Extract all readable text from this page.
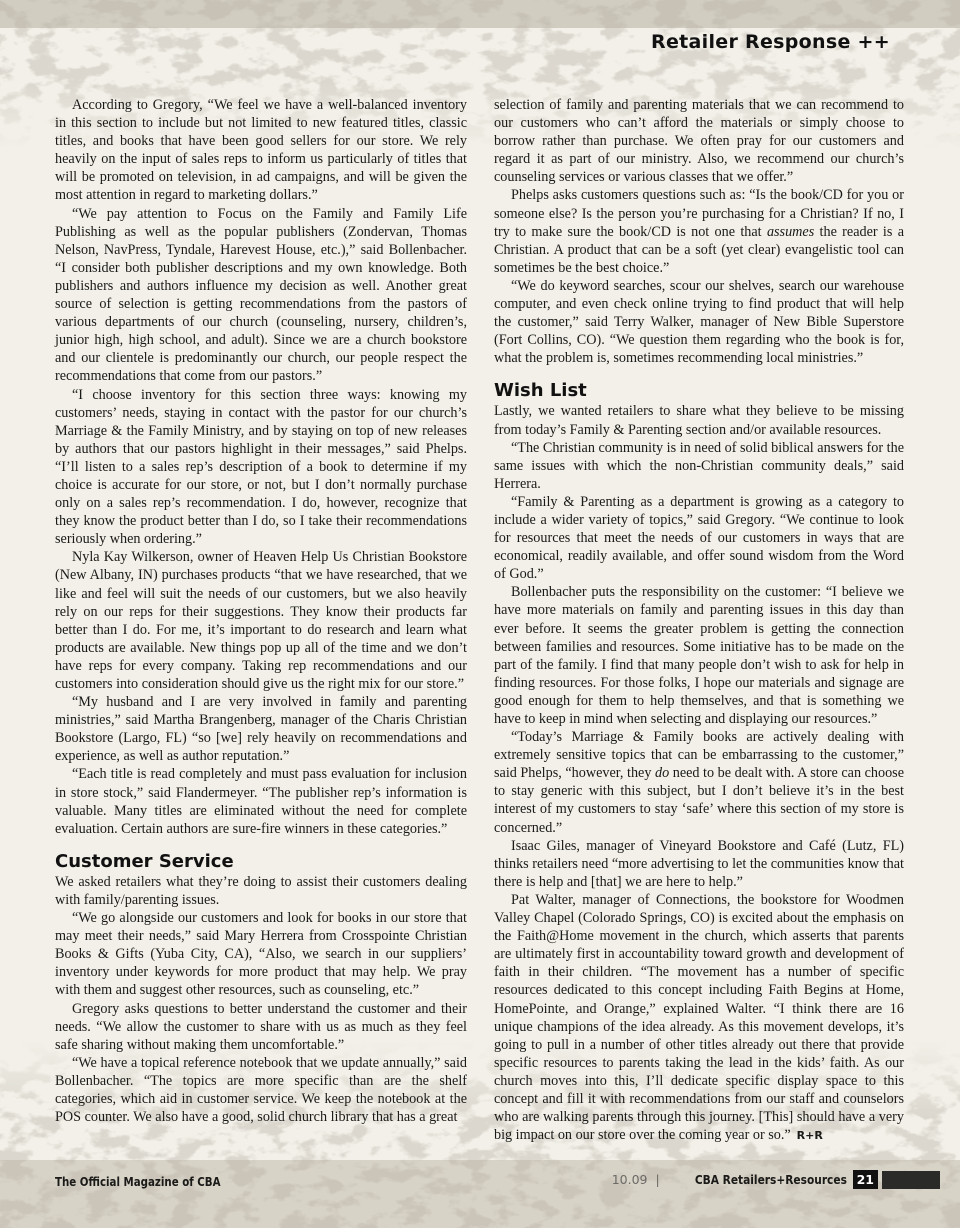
Retailer Response ++

According to Gregory, “We feel we have a well-balanced inventory in this section to include but not limited to new featured titles, classic titles, and books that have been good sellers for our store. We rely heavily on the input of sales reps to inform us particularly of titles that will be promoted on television, in ad campaigns, and will be given the most attention in regard to marketing dollars.”

“We pay attention to Focus on the Family and Family Life Publishing as well as the popular publishers (Zondervan, Thomas Nelson, NavPress, Tyndale, Harevest House, etc.),” said Bollenbacher. “I consider both publisher descriptions and my own knowledge. Both publishers and authors influence my decision as well. Another great source of selection is getting recommendations from the pastors of various departments of our church (counseling, nursery, children’s, junior high, high school, and adult). Since we are a church bookstore and our clientele is predominantly our church, our people respect the recommendations that come from our pastors.”

“I choose inventory for this section three ways: knowing my customers’ needs, staying in contact with the pastor for our church’s Marriage & the Family Ministry, and by staying on top of new releases by authors that our pastors highlight in their messages,” said Phelps. “I’ll listen to a sales rep’s description of a book to determine if my choice is accurate for our store, or not, but I don’t normally purchase only on a sales rep’s recommendation. I do, however, recognize that they know the product better than I do, so I take their recommendations seriously when ordering.”

Nyla Kay Wilkerson, owner of Heaven Help Us Christian Bookstore (New Albany, IN) purchases products “that we have researched, that we like and feel will suit the needs of our customers, but we also heavily rely on our reps for their suggestions. They know their products far better than I do. For me, it’s important to do research and learn what products are available. New things pop up all of the time and we don’t have reps for every company. Taking rep recommendations and our customers into consideration should give us the right mix for our store.”

“My husband and I are very involved in family and parenting ministries,” said Martha Brangenberg, manager of the Charis Christian Bookstore (Largo, FL) “so [we] rely heavily on recommendations and experience, as well as author reputation.”

“Each title is read completely and must pass evaluation for inclusion in store stock,” said Flandermeyer. “The publisher rep’s information is valuable. Many titles are eliminated without the need for complete evaluation. Certain authors are sure-fire winners in these categories.”

Customer Service

We asked retailers what they’re doing to assist their customers dealing with family/parenting issues.

“We go alongside our customers and look for books in our store that may meet their needs,” said Mary Herrera from Crosspointe Christian Books & Gifts (Yuba City, CA), “Also, we search in our suppliers’ inventory under keywords for more product that may help. We pray with them and suggest other resources, such as counseling, etc.”

Gregory asks questions to better understand the customer and their needs. “We allow the customer to share with us as much as they feel safe sharing without making them uncomfortable.”

“We have a topical reference notebook that we update annually,” said Bollenbacher. “The topics are more specific than are the shelf categories, which aid in customer service. We keep the notebook at the POS counter. We also have a good, solid church library that has a great

selection of family and parenting materials that we can recommend to our customers who can’t afford the materials or simply choose to borrow rather than purchase. We often pray for our customers and regard it as part of our ministry. Also, we recommend our church’s counseling services or various classes that we offer.”

Phelps asks customers questions such as: “Is the book/CD for you or someone else? Is the person you’re purchasing for a Christian? If no, I try to make sure the book/CD is not one that assumes the reader is a Christian. A product that can be a soft (yet clear) evangelistic tool can sometimes be the best choice.”

“We do keyword searches, scour our shelves, search our warehouse computer, and even check online trying to find product that will help the customer,” said Terry Walker, manager of New Bible Superstore (Fort Collins, CO). “We question them regarding who the book is for, what the problem is, sometimes recommending local ministries.”

Wish List

Lastly, we wanted retailers to share what they believe to be missing from today’s Family & Parenting section and/or available resources.

“The Christian community is in need of solid biblical answers for the same issues with which the non-Christian community deals,” said Herrera.

“Family & Parenting as a department is growing as a category to include a wider variety of topics,” said Gregory. “We continue to look for resources that meet the needs of our customers in ways that are economical, readily available, and offer sound wisdom from the Word of God.”

Bollenbacher puts the responsibility on the customer: “I believe we have more materials on family and parenting issues in this day than ever before. It seems the greater problem is getting the connection between families and resources. Some initiative has to be made on the part of the family. I find that many people don’t wish to ask for help in finding resources. For those folks, I hope our materials and signage are good enough for them to help themselves, and that is something we have to keep in mind when selecting and displaying our resources.”

“Today’s Marriage & Family books are actively dealing with extremely sensitive topics that can be embarrassing to the customer,” said Phelps, “however, they do need to be dealt with. A store can choose to stay generic with this subject, but I don’t believe it’s in the best interest of my customers to stay ‘safe’ where this section of my store is concerned.”

Isaac Giles, manager of Vineyard Bookstore and Café (Lutz, FL) thinks retailers need “more advertising to let the communities know that there is help and [that] we are here to help.”

Pat Walter, manager of Connections, the bookstore for Woodmen Valley Chapel (Colorado Springs, CO) is excited about the emphasis on the Faith@Home movement in the church, which asserts that parents are ultimately first in accountability toward growth and development of faith in their children. “The movement has a number of specific resources dedicated to this concept including Faith Begins at Home, HomePointe, and Orange,” explained Walter. “I think there are 16 unique champions of the idea already. As this movement develops, it’s going to pull in a number of other titles already out there that provide specific resources to parents taking the lead in the kids’ faith. As our church moves into this, I’ll dedicate specific display space to this concept and fill it with recommendations from our staff and counselors who are walking parents through this journey. [This] should have a very big impact on our store over the coming year or so.” R+R

The Official Magazine of CBA	10.09 |	CBA Retailers+Resources 21
